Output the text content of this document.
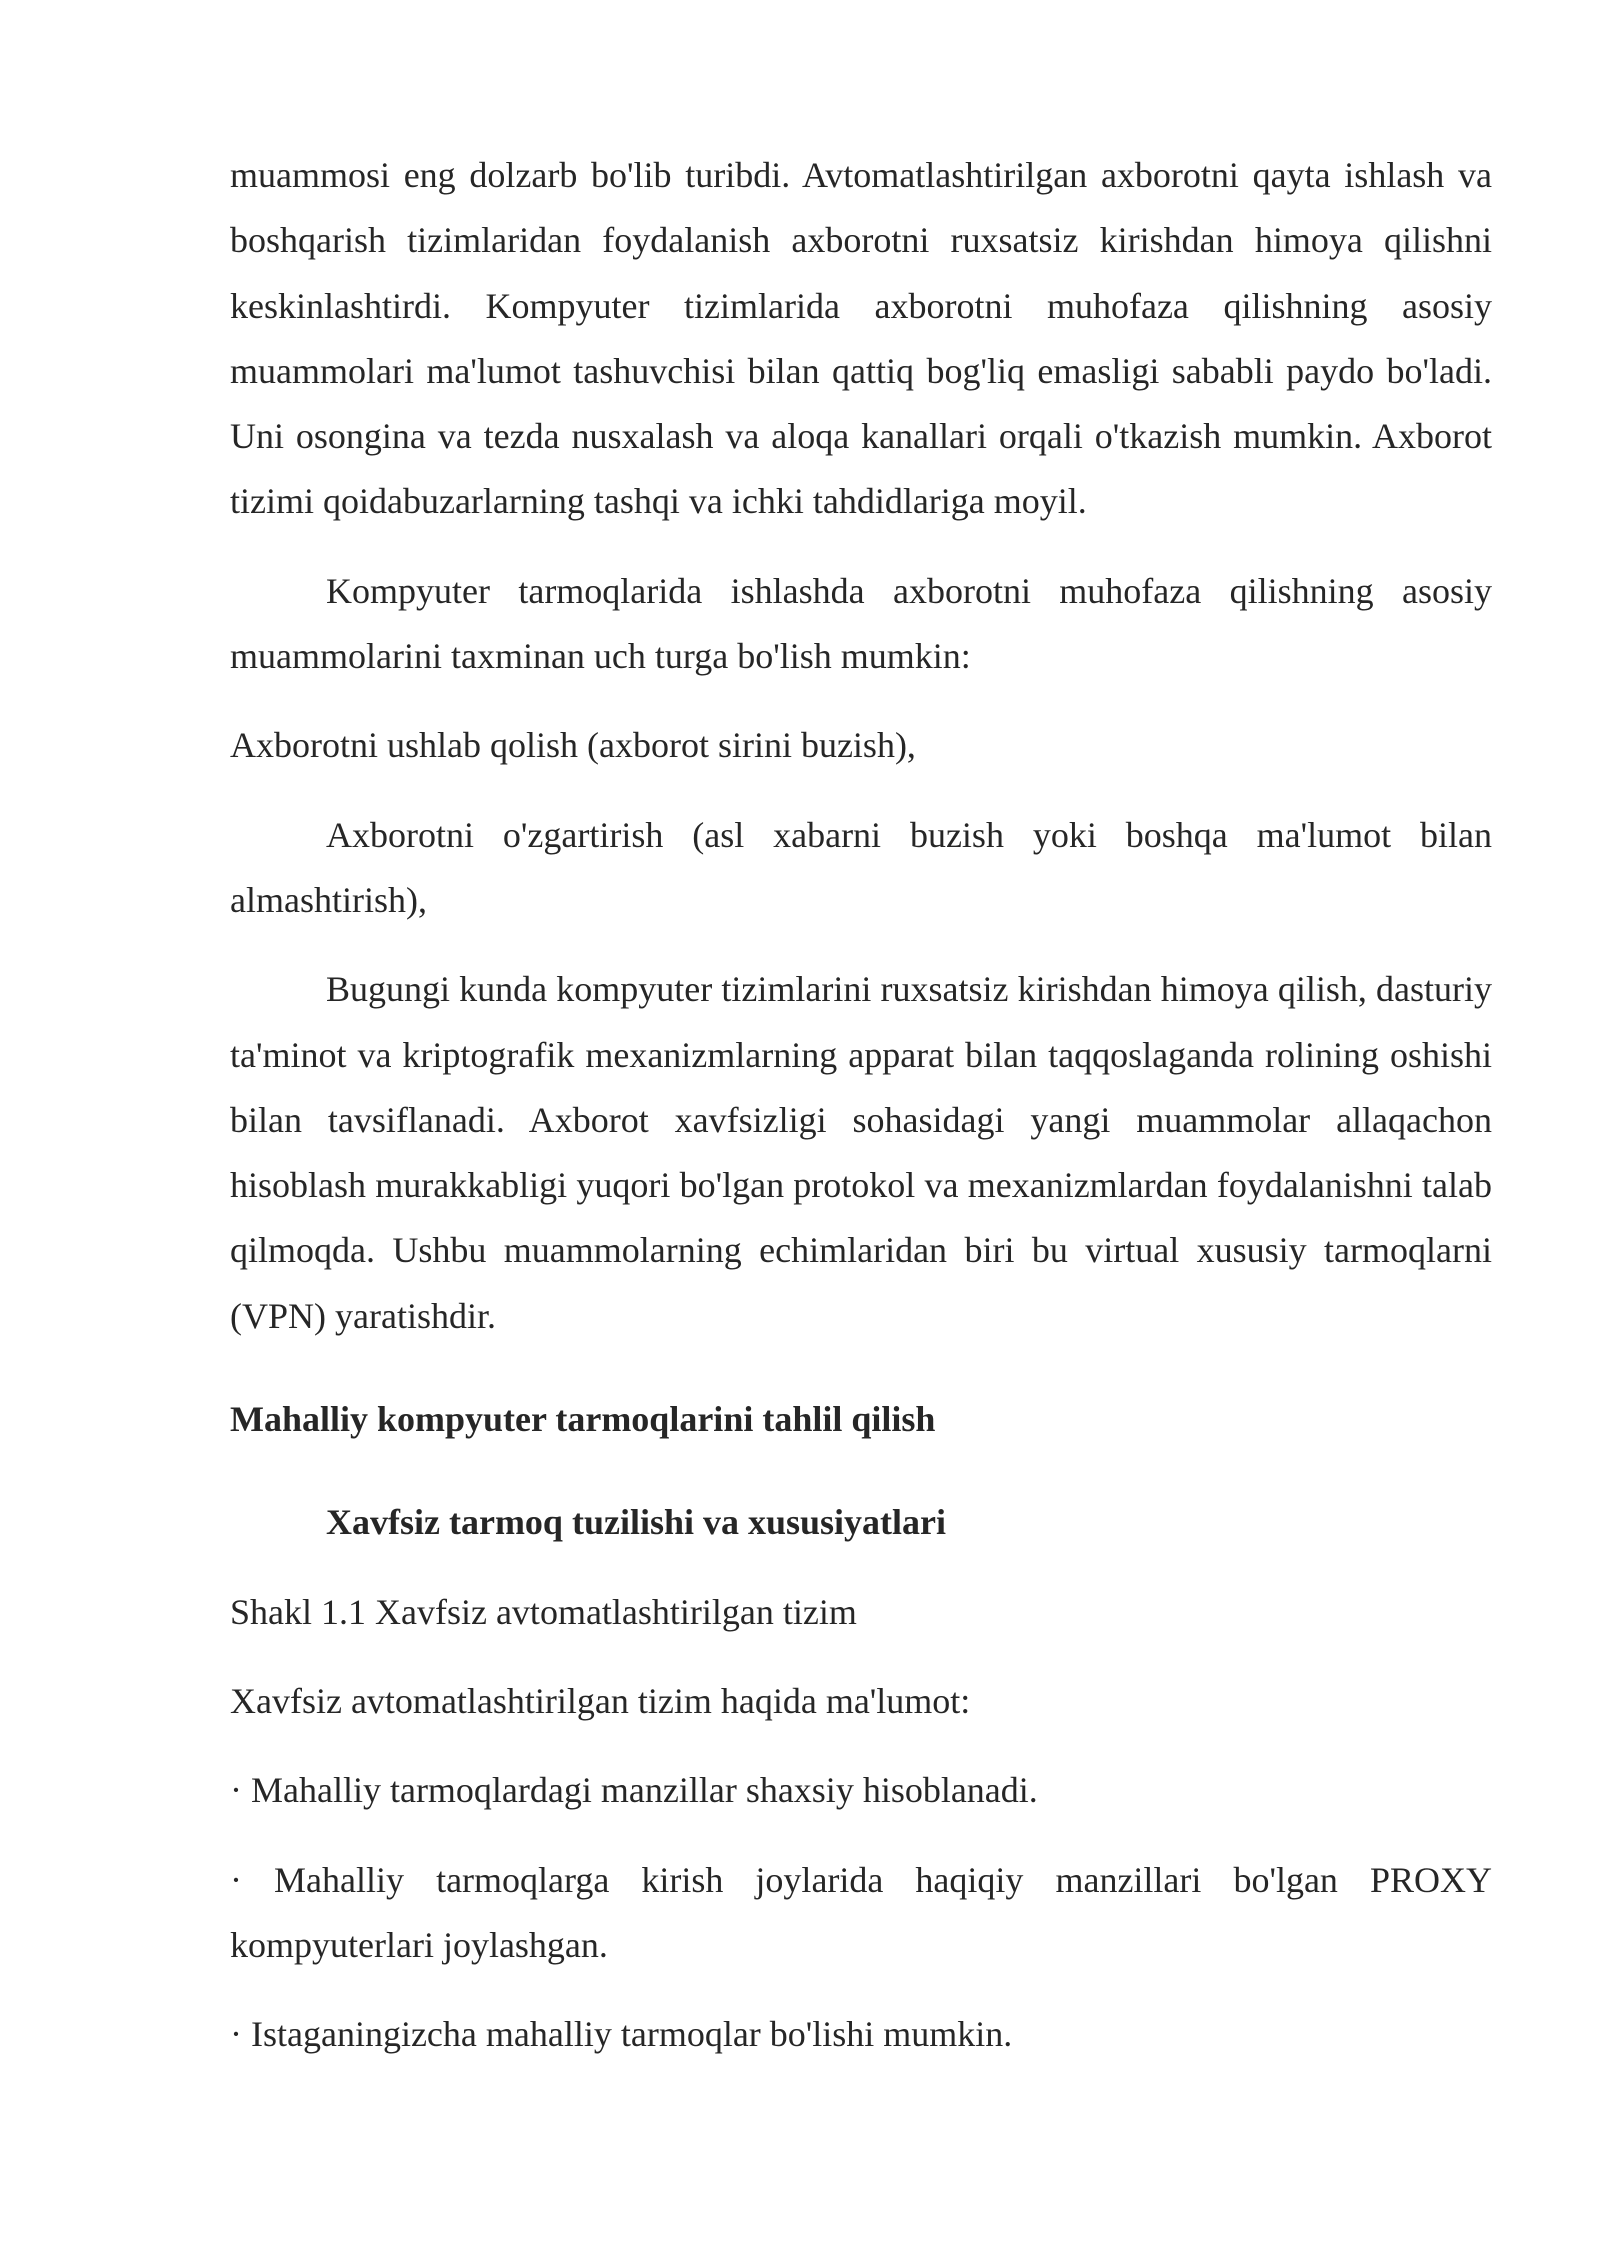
muammosi eng dolzarb bo'lib turibdi. Avtomatlashtirilgan axborotni qayta ishlash va boshqarish tizimlaridan foydalanish axborotni ruxsatsiz kirishdan himoya qilishni keskinlashtirdi. Kompyuter tizimlarida axborotni muhofaza qilishning asosiy muammolari ma'lumot tashuvchisi bilan qattiq bog'liq emasligi sababli paydo bo'ladi. Uni osongina va tezda nusxalash va aloqa kanallari orqali o'tkazish mumkin. Axborot tizimi qoidabuzarlarning tashqi va ichki tahdidlariga moyil.

Kompyuter tarmoqlarida ishlashda axborotni muhofaza qilishning asosiy muammolarini taxminan uch turga bo'lish mumkin:

Axborotni ushlab qolish (axborot sirini buzish),

Axborotni o'zgartirish (asl xabarni buzish yoki boshqa ma'lumot bilan almashtirish),

Bugungi kunda kompyuter tizimlarini ruxsatsiz kirishdan himoya qilish, dasturiy ta'minot va kriptografik mexanizmlarning apparat bilan taqqoslaganda rolining oshishi bilan tavsiflanadi. Axborot xavfsizligi sohasidagi yangi muammolar allaqachon hisoblash murakkabligi yuqori bo'lgan protokol va mexanizmlardan foydalanishni talab qilmoqda. Ushbu muammolarning echimlaridan biri bu virtual xususiy tarmoqlarni (VPN) yaratishdir.

Mahalliy kompyuter tarmoqlarini tahlil qilish

Xavfsiz tarmoq tuzilishi va xususiyatlari

Shakl 1.1 Xavfsiz avtomatlashtirilgan tizim

Xavfsiz avtomatlashtirilgan tizim haqida ma'lumot:

· Mahalliy tarmoqlardagi manzillar shaxsiy hisoblanadi.

· Mahalliy tarmoqlarga kirish joylarida haqiqiy manzillari bo'lgan PROXY kompyuterlari joylashgan.

· Istaganingizcha mahalliy tarmoqlar bo'lishi mumkin.
